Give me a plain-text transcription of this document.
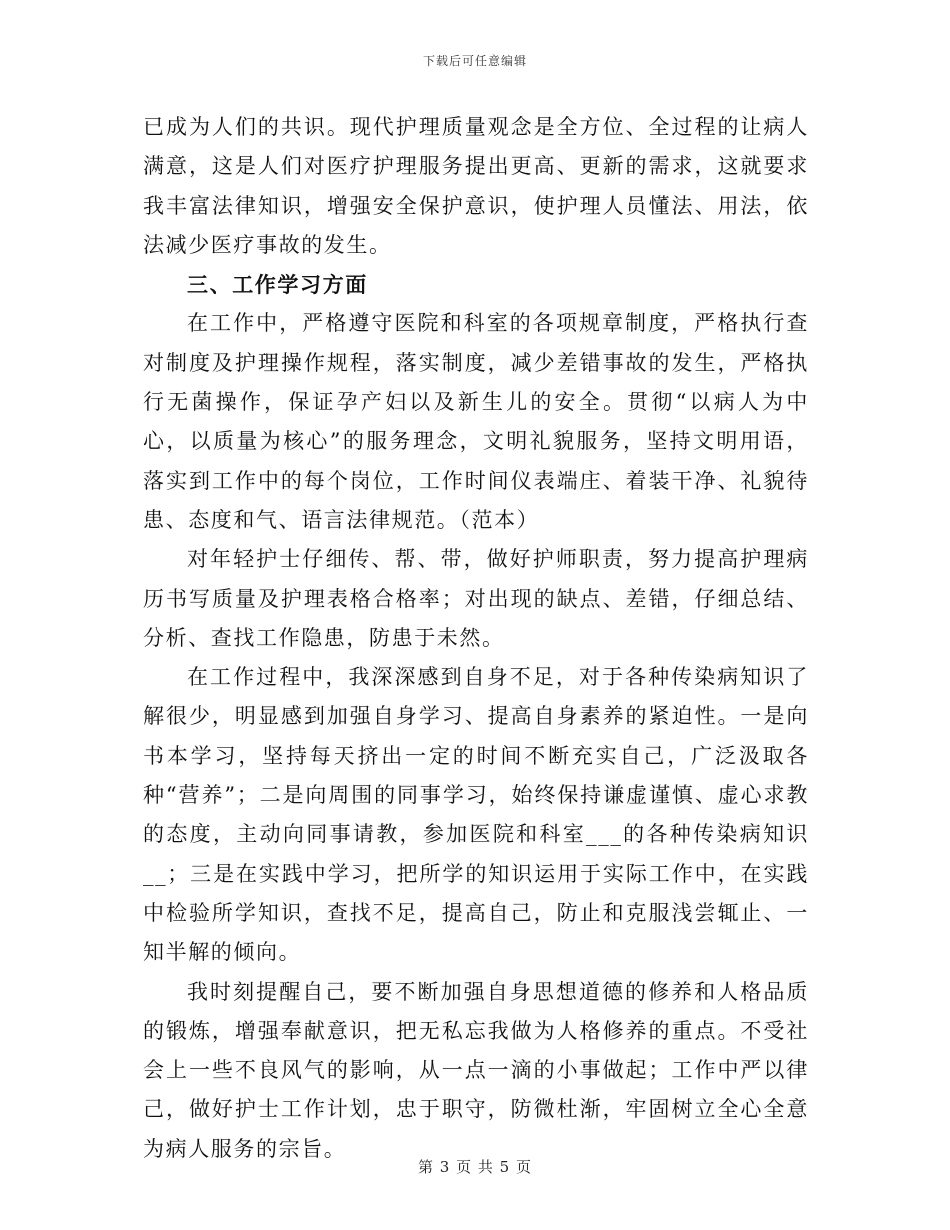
下载后可任意编辑

已成为人们的共识。现代护理质量观念是全方位、全过程的让病人满意，这是人们对医疗护理服务提出更高、更新的需求，这就要求我丰富法律知识，增强安全保护意识，使护理人员懂法、用法，依法减少医疗事故的发生。

三、工作学习方面

在工作中，严格遵守医院和科室的各项规章制度，严格执行查对制度及护理操作规程，落实制度，减少差错事故的发生，严格执行无菌操作，保证孕产妇以及新生儿的安全。贯彻“以病人为中心，以质量为核心”的服务理念，文明礼貌服务，坚持文明用语，落实到工作中的每个岗位，工作时间仪表端庄、着装干净、礼貌待患、态度和气、语言法律规范。（范本）

对年轻护士仔细传、帮、带，做好护师职责，努力提高护理病历书写质量及护理表格合格率；对出现的缺点、差错，仔细总结、分析、查找工作隐患，防患于未然。

在工作过程中，我深深感到自身不足，对于各种传染病知识了解很少，明显感到加强自身学习、提高自身素养的紧迫性。一是向书本学习，坚持每天挤出一定的时间不断充实自己，广泛汲取各种“营养”；二是向周围的同事学习，始终保持谦虚谨慎、虚心求教的态度，主动向同事请教，参加医院和科室___的各种传染病知识__；三是在实践中学习，把所学的知识运用于实际工作中，在实践中检验所学知识，查找不足，提高自己，防止和克服浅尝辄止、一知半解的倾向。

我时刻提醒自己，要不断加强自身思想道德的修养和人格品质的锻炼，增强奉献意识，把无私忘我做为人格修养的重点。不受社会上一些不良风气的影响，从一点一滴的小事做起；工作中严以律己，做好护士工作计划，忠于职守，防微杜渐，牢固树立全心全意为病人服务的宗旨。

第 3 页 共 5 页
